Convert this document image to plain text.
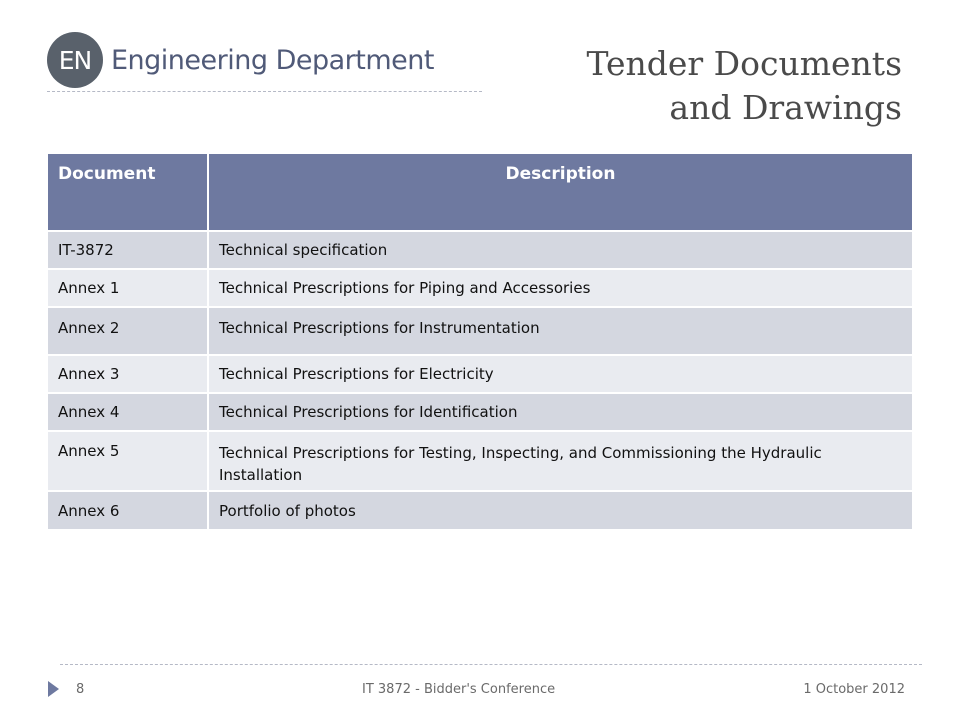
EN Engineering Department	Tender Documents
and Drawings
Document	Description
IT-3872	Technical specification
Annex 1	Technical Prescriptions for Piping and Accessories
Annex 2	Technical Prescriptions for Instrumentation
Annex 3	Technical Prescriptions for Electricity
Annex 4	Technical Prescriptions for Identification
Annex 5	Technical Prescriptions for Testing, Inspecting, and Commissioning the Hydraulic Installation
Annex 6	Portfolio of photos
8	IT 3872 - Bidder's Conference	1 October 2012
